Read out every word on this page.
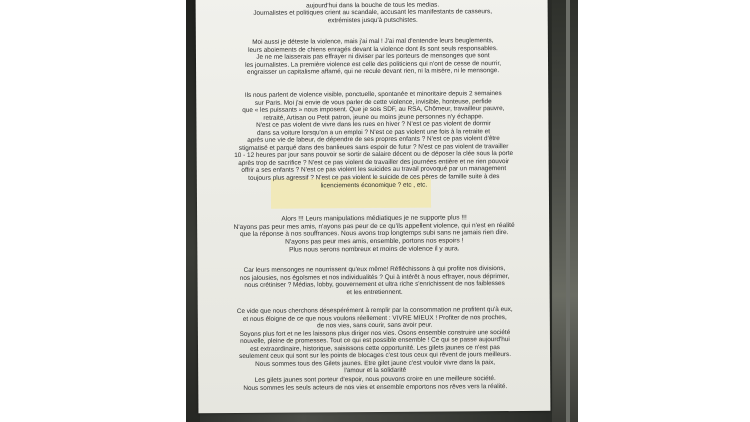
aujourd'hui dans la bouche de tous les medias.
Journalistes et politiques crient au scandale, accusant les manifestants de casseurs,
extrémistes jusqu'à putschistes.
Moi aussi je déteste la violence, mais j'ai mal ! J'ai mal d'entendre leurs beuglements,
leurs aboiements de chiens enragés devant la violence dont ils sont seuls responsables.
Je ne me laisserais pas effrayer ni diviser par les porteurs de mensonges que sont
les journalistes. La première violence est celle des politiciens qui n'ont de cesse de nourrir,
engraisser un capitalisme affamé, qui ne recule devant rien, ni la misère, ni le mensonge.
Ils nous parlent de violence visible, ponctuelle, spontanée et minoritaire depuis 2 semaines
sur Paris. Moi j'ai envie de vous parler de cette violence, invisible, honteuse, perfide
que « les puissants » nous imposent. Que je sois SDF, au RSA, Chômeur, travailleur pauvre,
retraité, Artisan ou Petit patron, jeune ou moins jeune personnes n'y échappe.
N'est ce pas violent de vivre dans les rues en hiver ? N'est ce pas violent de dormir
dans sa voiture lorsqu'on a un emploi ? N'est ce pas violent une fois à la retraite et
après une vie de labeur, de dépendre de ses propres enfants ? N'est ce pas violent d'être
stigmatisé et parqué dans des banlieues sans espoir de futur ? N'est ce pas violent de travailler
10 - 12 heures par jour sans pouvoir se sortir de salaire décent ou de déposer la clée sous la porte
après trop de sacrifice ? N'est ce pas violent de travailler des journées entière et ne rien pouvoir
offrir a ses enfants ? N'est ce pas violent les suicides au travail provoqué par un management
toujours plus agressif ? N'est ce pas violent le suicide de ces pères de famille suite à des
licenciements économique ? etc , etc.
Alors !!! Leurs manipulations médiatiques je ne supporte plus !!!
N'ayons pas peur mes amis, n'ayons pas peur de ce qu'ils appellent violence, qui n'est en réalité
que la réponse à nos souffrances. Nous avons trop longtemps subi sans ne jamais rien dire.
N'ayons pas peur mes amis, ensemble, portons nos espoirs !
Plus nous serons nombreux et moins de violence il y aura.
Car leurs mensonges ne nourrissent qu'eux même! Réfléchissons à qui profite nos divisions,
nos jalousies, nos égoïsmes et nos individualités ? Qui à intérêt à nous effrayer, nous déprimer,
nous crétiniser ? Médias, lobby, gouvernement et ultra riche s'enrichissent de nos faiblesses
et les entretiennent.
Ce vide que nous cherchons désespérément à remplir par la consommation ne profitent qu'à eux,
et nous éloigne de ce que nous voulons réellement : VIVRE MIEUX ! Profiter de nos proches,
de nos vies, sans courir, sans avoir peur.
Soyons plus fort et ne les laissons plus diriger nos vies. Osons ensemble construire une société
nouvelle, pleine de promesses. Tout ce qui est possible ensemble ! Ce qui se passe aujourd'hui
est extraordinaire, historique, saisissons cette opportunité. Les gilets jaunes ce n'est pas
seulement ceux qui sont sur les points de blocages c'est tous ceux qui rêvent de jours meilleurs.
Nous sommes tous des Gilets jaunes. Etre gilet jaune c'est vouloir vivre dans la paix,
l'amour et la solidarité
Les gilets jaunes sont porteur d'espoir, nous pouvons croire en une meilleure société.
Nous sommes les seuls acteurs de nos vies et ensemble emportons nos rêves vers la réalité.
